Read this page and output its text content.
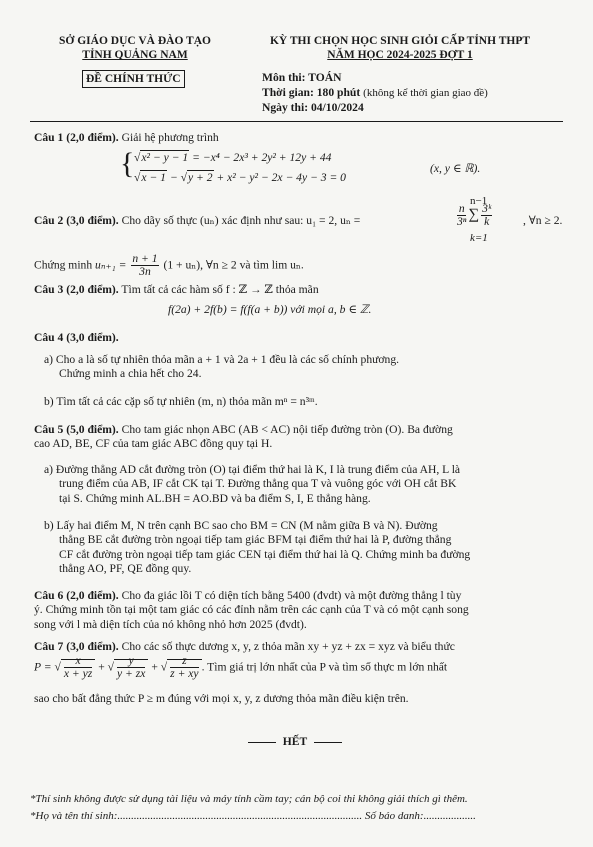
SỞ GIÁO DỤC VÀ ĐÀO TẠO
TỈNH QUẢNG NAM
ĐỀ CHÍNH THỨC
KỲ THI CHỌN HỌC SINH GIỎI CẤP TỈNH THPT
NĂM HỌC 2024-2025 ĐỢT 1
Môn thi: TOÁN
Thời gian: 180 phút (không kể thời gian giao đề)
Ngày thi: 04/10/2024
Câu 1 (2,0 điểm). Giải hệ phương trình
{ √x² − y − 1 = −x⁴ − 2x³ + 2y² + 12y + 44
√x − 1 − √y + 2 + x² − y² − 2x − 4y − 3 = 0
(x, y ∈ ℝ).
Câu 2 (3,0 điểm). Cho dãy số thực (uₙ) xác định như sau: u₁ = 2, uₙ =	$\frac{n}{\text{3ⁿ}}$ ∑ $\frac{\text{3ᵏ}}{k}$
n−1
k=1
, ∀n ≥ 2.
Chứng minh $u_{n+1} = \frac{n + 1}{3n} (1 + u_n)$, ∀n ≥ 2 và tìm lim uₙ.
Câu 3 (2,0 điểm). Tìm tất cả các hàm số f : ℤ → ℤ thỏa mãn
f(2a) + 2f(b) = f(f(a + b)) với mọi a, b ∈ ℤ.
Câu 4 (3,0 điểm).
a) Cho a là số tự nhiên thỏa mãn a + 1 và 2a + 1 đều là các số chính phương.
Chứng minh a chia hết cho 24.
b) Tìm tất cả các cặp số tự nhiên (m, n) thỏa mãn mⁿ = n³ᵐ.
Câu 5 (5,0 điểm). Cho tam giác nhọn ABC (AB < AC) nội tiếp đường tròn (O). Ba đường
cao AD, BE, CF của tam giác ABC đồng quy tại H.
a) Đường thẳng AD cắt đường tròn (O) tại điểm thứ hai là K, I là trung điểm của AH, L là
trung điểm của AB, IF cắt CK tại T. Đường thẳng qua T và vuông góc với OH cắt BK
tại S. Chứng minh AL.BH = AO.BD và ba điểm S, I, E thẳng hàng.
b) Lấy hai điểm M, N trên cạnh BC sao cho BM = CN (M nằm giữa B và N). Đường
thẳng BE cắt đường tròn ngoại tiếp tam giác BFM tại điểm thứ hai là P, đường thẳng
CF cắt đường tròn ngoại tiếp tam giác CEN tại điểm thứ hai là Q. Chứng minh ba đường
thẳng AO, PF, QE đồng quy.
Câu 6 (2,0 điểm). Cho đa giác lồi T có diện tích bằng 5400 (đvdt) và một đường thẳng l tùy
ý. Chứng minh tồn tại một tam giác có các đỉnh nằm trên các cạnh của T và có một cạnh song
song với l mà diện tích của nó không nhỏ hơn 2025 (đvdt).
Câu 7 (3,0 điểm). Cho các số thực dương x, y, z thỏa mãn xy + yz + zx = xyz và biểu thức
P = √ $\frac{x}{x + yz}$ + √ $\frac{y}{y + zx}$ + √ $\frac{z}{z + xy}$ . Tìm giá trị lớn nhất của P và tìm số thực m lớn nhất
sao cho bất đẳng thức P ≥ m đúng với mọi x, y, z dương thỏa mãn điều kiện trên.
HẾT
*Thí sinh không được sử dụng tài liệu và máy tính cầm tay; cán bộ coi thi không giải thích gì thêm.
*Họ và tên thí sinh:......................................................................................... Số báo danh:...................
